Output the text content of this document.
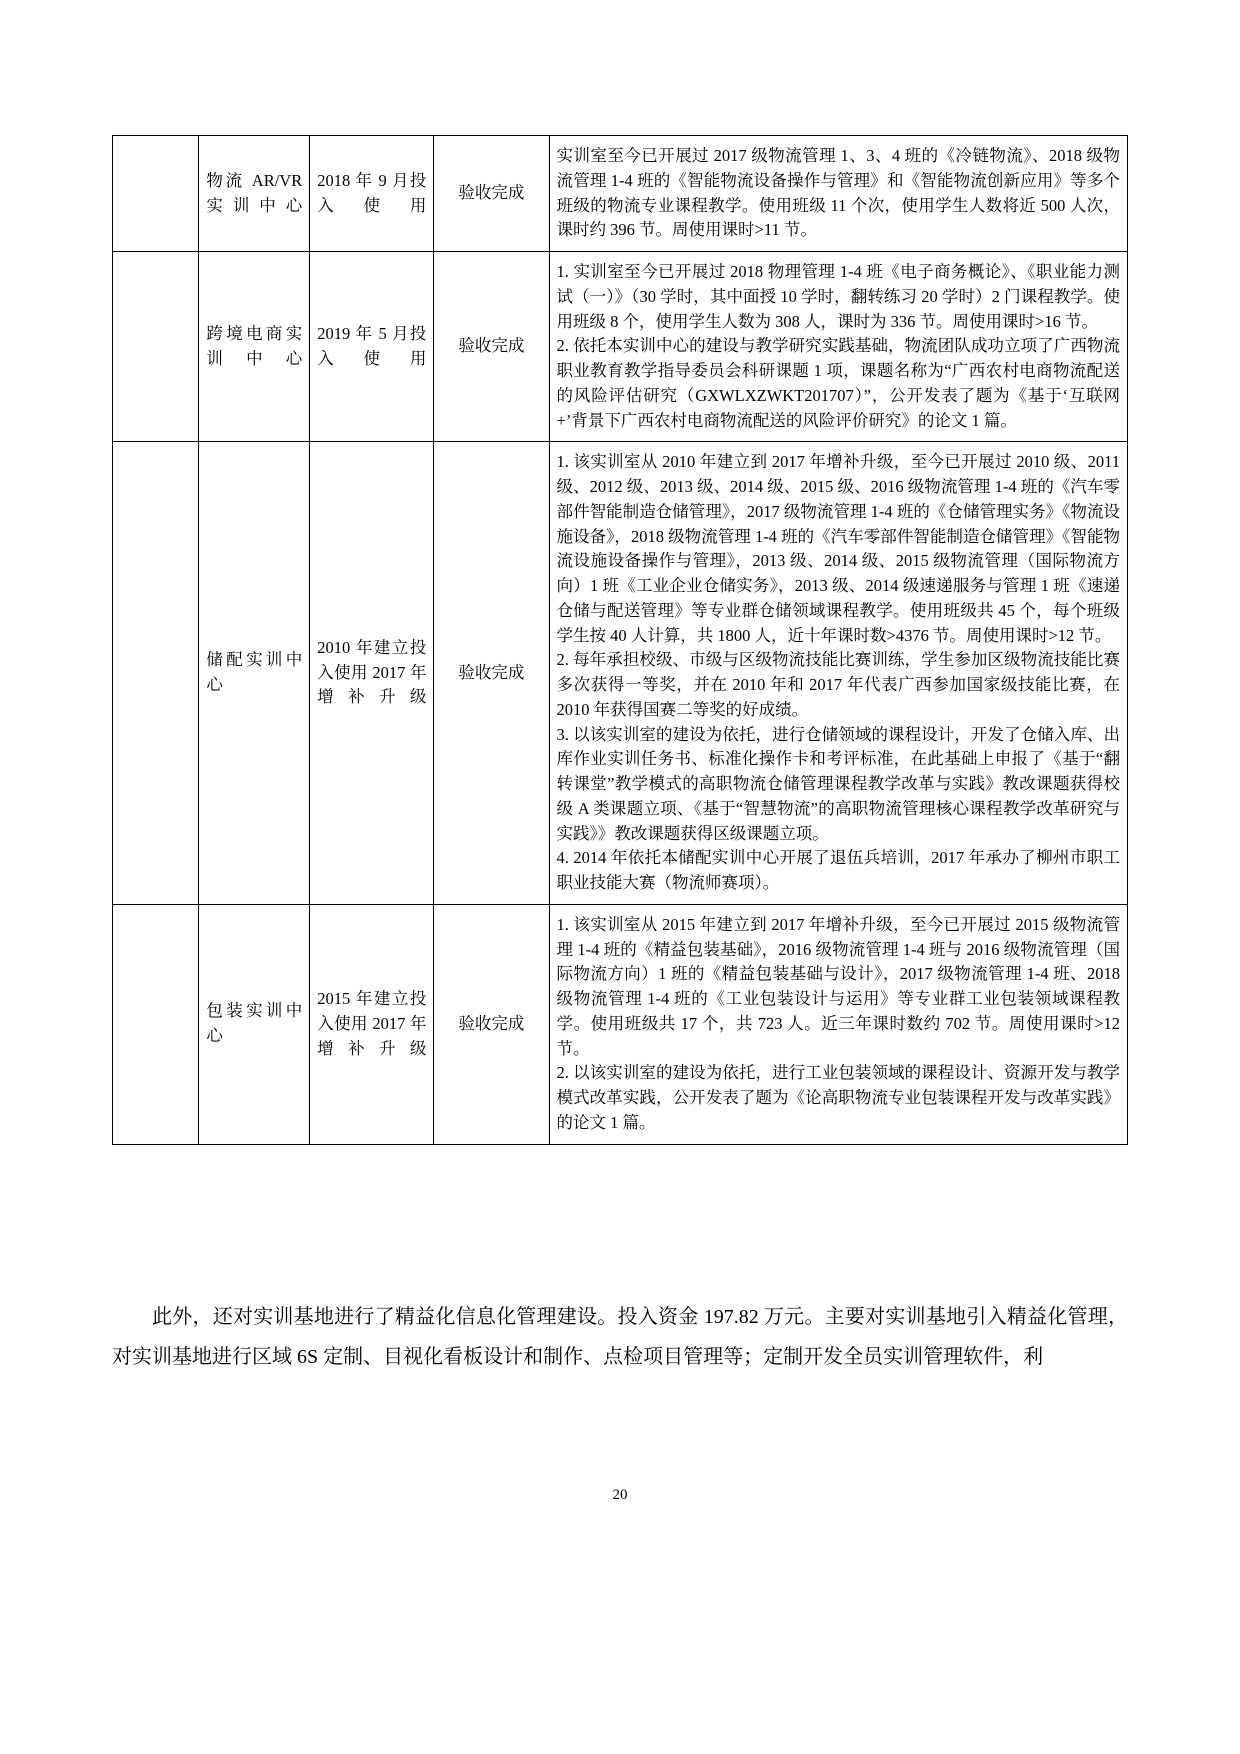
	物流 AR/VR 实训中心	2018 年 9 月投入使用	验收完成	实训室至今已开展过 2017 级物流管理 1、3、4 班的《冷链物流》、2018 级物流管理 1-4 班的《智能物流设备操作与管理》和《智能物流创新应用》等多个班级的物流专业课程教学。使用班级 11 个次，使用学生人数将近 500 人次，课时约 396 节。周使用课时>11 节。

	跨境电商实训中心	2019 年 5 月投入使用	验收完成	1. 实训室至今已开展过 2018 物理管理 1-4 班《电子商务概论》、《职业能力测试（一）》（30 学时，其中面授 10 学时，翻转练习 20 学时）2 门课程教学。使用班级 8 个，使用学生人数为 308 人，课时为 336 节。周使用课时>16 节。

2. 依托本实训中心的建设与教学研究实践基础，物流团队成功立项了广西物流职业教育教学指导委员会科研课题 1 项，课题名称为“广西农村电商物流配送的风险评估研究（GXWLXZWKT201707）”，公开发表了题为《基于‘互联网+’背景下广西农村电商物流配送的风险评价研究》的论文 1 篇。

	储配实训中心	2010 年建立投入使用 2017 年增补升级	验收完成	1. 该实训室从 2010 年建立到 2017 年增补升级，至今已开展过 2010 级、2011 级、2012 级、2013 级、2014 级、2015 级、2016 级物流管理 1-4 班的《汽车零部件智能制造仓储管理》，2017 级物流管理 1-4 班的《仓储管理实务》《物流设施设备》，2018 级物流管理 1-4 班的《汽车零部件智能制造仓储管理》《智能物流设施设备操作与管理》，2013 级、2014 级、2015 级物流管理（国际物流方向）1 班《工业企业仓储实务》，2013 级、2014 级速递服务与管理 1 班《速递仓储与配送管理》等专业群仓储领域课程教学。使用班级共 45 个，每个班级学生按 40 人计算，共 1800 人，近十年课时数>4376 节。周使用课时>12 节。

2. 每年承担校级、市级与区级物流技能比赛训练，学生参加区级物流技能比赛多次获得一等奖，并在 2010 年和 2017 年代表广西参加国家级技能比赛，在 2010 年获得国赛二等奖的好成绩。

3. 以该实训室的建设为依托，进行仓储领域的课程设计，开发了仓储入库、出库作业实训任务书、标准化操作卡和考评标准，在此基础上申报了《基于“翻转课堂”教学模式的高职物流仓储管理课程教学改革与实践》教改课题获得校级 A 类课题立项、《基于“智慧物流”的高职物流管理核心课程教学改革研究与实践》》教改课题获得区级课题立项。

4. 2014 年依托本储配实训中心开展了退伍兵培训，2017 年承办了柳州市职工职业技能大赛（物流师赛项）。

	包装实训中心	2015 年建立投入使用 2017 年增补升级	验收完成	1. 该实训室从 2015 年建立到 2017 年增补升级，至今已开展过 2015 级物流管理 1-4 班的《精益包装基础》，2016 级物流管理 1-4 班与 2016 级物流管理（国际物流方向）1 班的《精益包装基础与设计》，2017 级物流管理 1-4 班、2018 级物流管理 1-4 班的《工业包装设计与运用》等专业群工业包装领域课程教学。使用班级共 17 个，共 723 人。近三年课时数约 702 节。周使用课时>12 节。

2. 以该实训室的建设为依托，进行工业包装领域的课程设计、资源开发与教学模式改革实践，公开发表了题为《论高职物流专业包装课程开发与改革实践》的论文 1 篇。

此外，还对实训基地进行了精益化信息化管理建设。投入资金 197.82 万元。主要对实训基地引入精益化管理，对实训基地进行区域 6S 定制、目视化看板设计和制作、点检项目管理等；定制开发全员实训管理软件，利
20
